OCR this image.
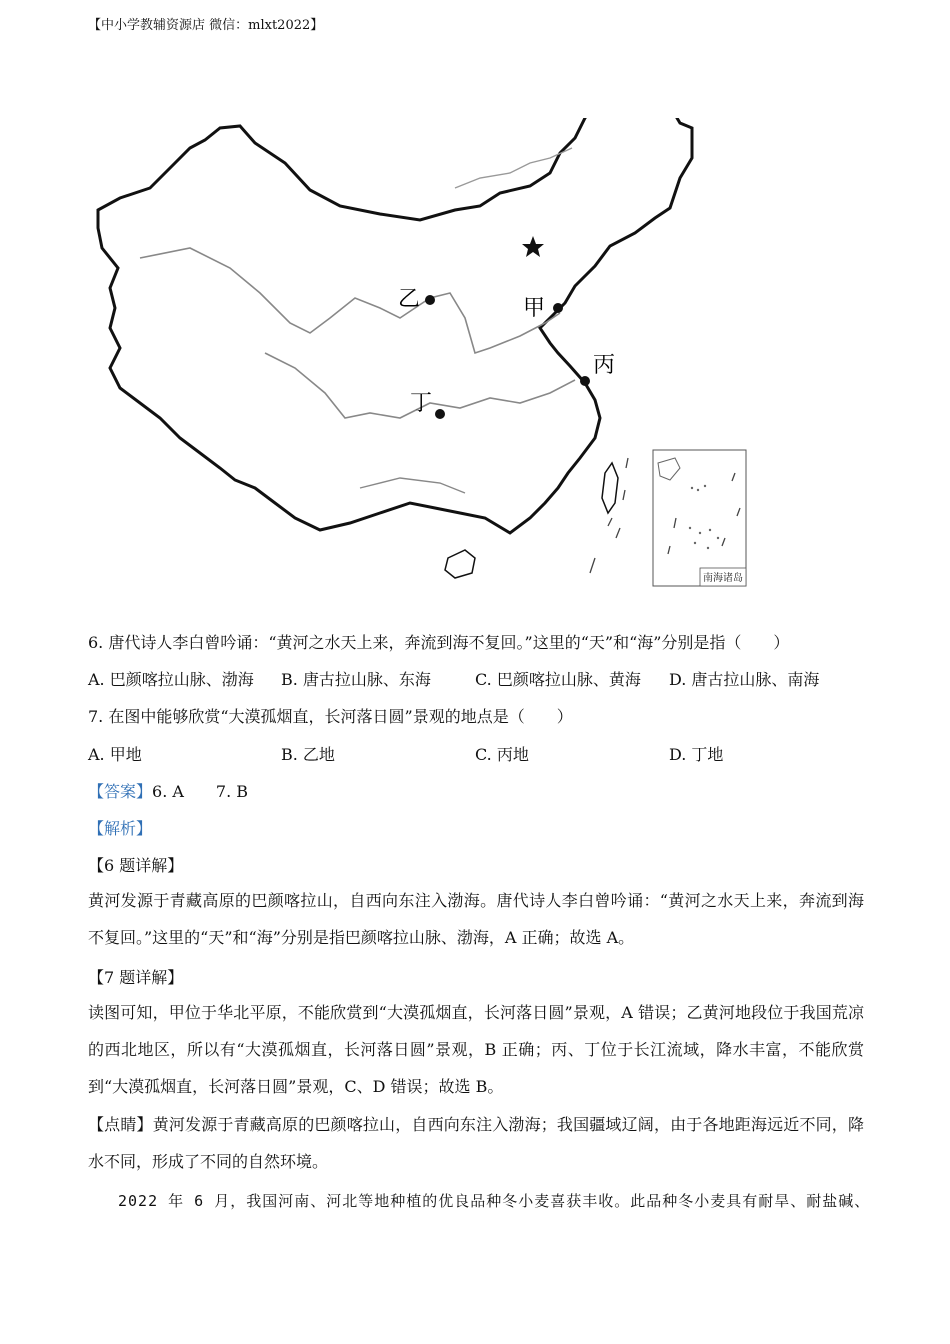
【中小学教辅资源店 微信：mlxt2022】
甲
乙
丙
丁
南海诸岛
6. 唐代诗人李白曾吟诵：“黄河之水天上来，奔流到海不复回。”这里的“天”和“海”分别是指（　　）
A. 巴颜喀拉山脉、渤海 B. 唐古拉山脉、东海	C. 巴颜喀拉山脉、黄海 D. 唐古拉山脉、南海
7. 在图中能够欣赏“大漠孤烟直，长河落日圆”景观的地点是（　　）
A. 甲地	B. 乙地	C. 丙地	D. 丁地
【答案】6. A　　7. B
【解析】
【6 题详解】
黄河发源于青藏高原的巴颜喀拉山，自西向东注入渤海。唐代诗人李白曾吟诵：“黄河之水天上来，奔流到海不复回。”这里的“天”和“海”分别是指巴颜喀拉山脉、渤海，A 正确；故选 A。
【7 题详解】
读图可知，甲位于华北平原，不能欣赏到“大漠孤烟直，长河落日圆”景观，A 错误；乙黄河地段位于我国荒凉的西北地区，所以有“大漠孤烟直，长河落日圆”景观，B 正确；丙、丁位于长江流域，降水丰富，不能欣赏到“大漠孤烟直，长河落日圆”景观，C、D 错误；故选 B。
【点睛】黄河发源于青藏高原的巴颜喀拉山，自西向东注入渤海；我国疆域辽阔，由于各地距海远近不同，降水不同，形成了不同的自然环境。
2022 年 6 月，我国河南、河北等地种植的优良品种冬小麦喜获丰收。此品种冬小麦具有耐旱、耐盐碱、
